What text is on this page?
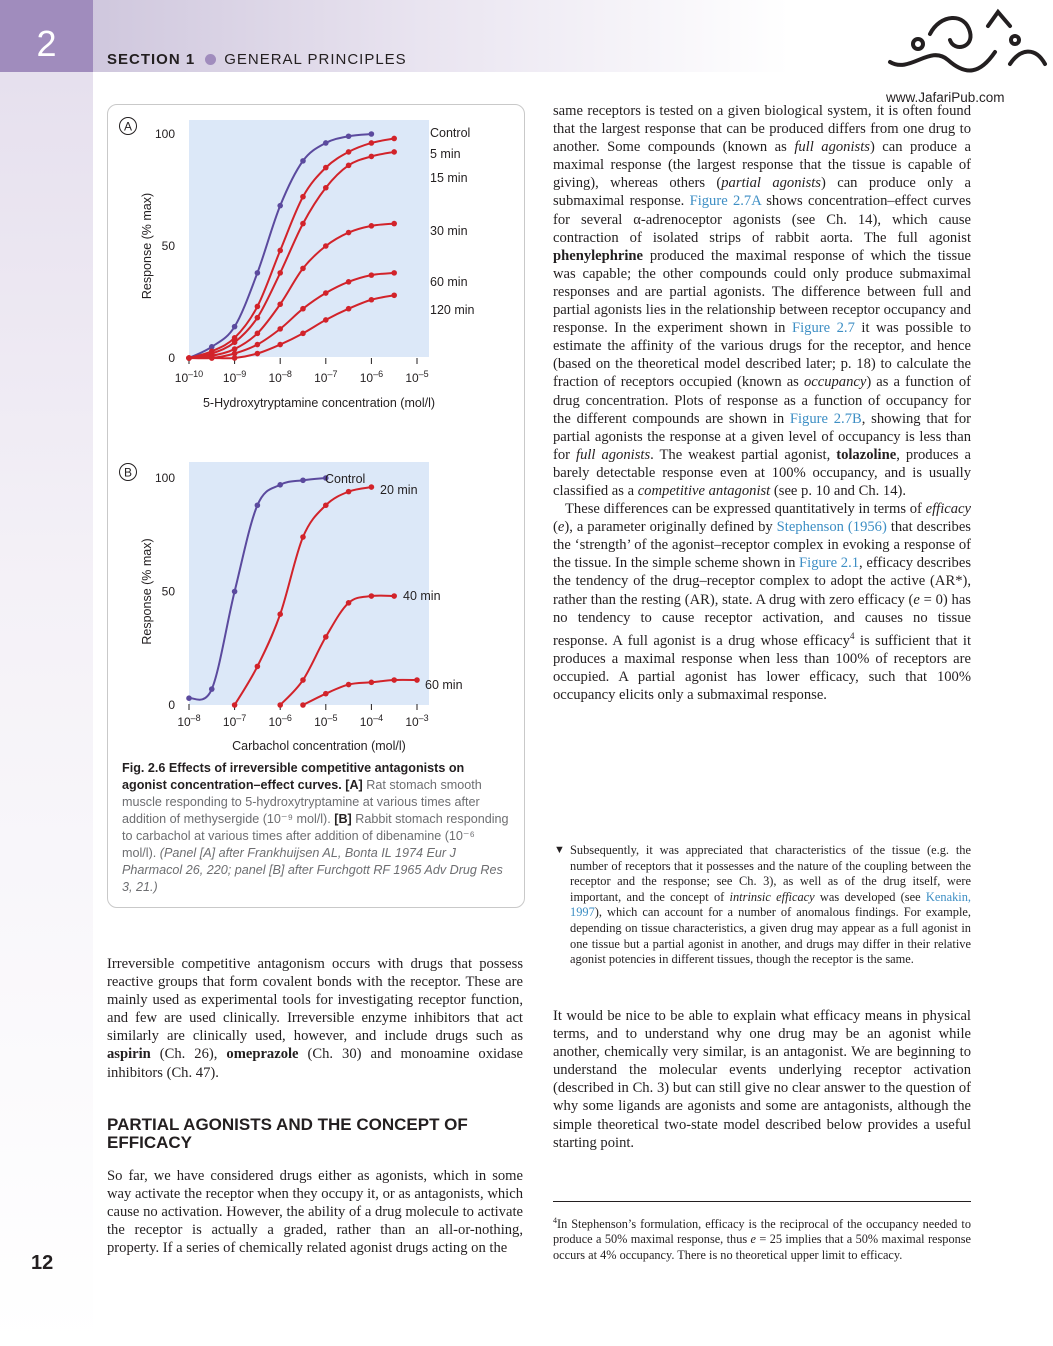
2	SECTION 1 GENERAL PRINCIPLES
www.JafariPub.com
A
$10^{-10}$ $10^{-9}$ $10^{-8}$ $10^{-7}$ $10^{-6}$ $10^{-5}$
0
50
100
5-Hydroxytryptamine concentration (mol/l)
Response (% max)
Control
5 min
15 min
30 min
60 min
120 min
B
$10^{-8}$ $10^{-7}$ $10^{-6}$ $10^{-5}$ $10^{-4}$ $10^{-3}$
0
50
100
Carbachol concentration (mol/l)
Response (% max)
Control
20 min
40 min
60 min
Fig. 2.6 Effects of irreversible competitive antagonists on agonist concentration–effect curves. [A] Rat stomach smooth muscle responding to 5-hydroxytryptamine at various times after addition of methysergide (10⁻⁹ mol/l). [B] Rabbit stomach responding to carbachol at various times after addition of dibenamine (10⁻⁶ mol/l). (Panel [A] after Frankhuijsen AL, Bonta IL 1974 Eur J Pharmacol 26, 220; panel [B] after Furchgott RF 1965 Adv Drug Res 3, 21.)

Irreversible competitive antagonism occurs with drugs that possess reactive groups that form covalent bonds with the receptor. These are mainly used as experimental tools for investigating receptor function, and few are used clinically. Irreversible enzyme inhibitors that act similarly are clinically used, however, and include drugs such as aspirin (Ch. 26), omeprazole (Ch. 30) and monoamine oxidase inhibitors (Ch. 47).

PARTIAL AGONISTS AND THE CONCEPT OF EFFICACY

So far, we have considered drugs either as agonists, which in some way activate the receptor when they occupy it, or as antagonists, which cause no activation. However, the ability of a drug molecule to activate the receptor is actually a graded, rather than an all-or-nothing, property. If a series of chemically related agonist drugs acting on the

same receptors is tested on a given biological system, it is often found that the largest response that can be produced differs from one drug to another. Some compounds (known as full agonists) can produce a maximal response (the largest response that the tissue is capable of giving), whereas others (partial agonists) can produce only a submaximal response. Figure 2.7A shows concentration–effect curves for several α-adrenoceptor agonists (see Ch. 14), which cause contraction of isolated strips of rabbit aorta. The full agonist phenylephrine produced the maximal response of which the tissue was capable; the other compounds could only produce submaximal responses and are partial agonists. The difference between full and partial agonists lies in the relationship between receptor occupancy and response. In the experiment shown in Figure 2.7 it was possible to estimate the affinity of the various drugs for the receptor, and hence (based on the theoretical model described later; p. 18) to calculate the fraction of receptors occupied (known as occupancy) as a function of drug concentration. Plots of response as a function of occupancy for the different compounds are shown in Figure 2.7B, showing that for partial agonists the response at a given level of occupancy is less than for full agonists. The weakest partial agonist, tolazoline, produces a barely detectable response even at 100% occupancy, and is usually classified as a competitive antagonist (see p. 10 and Ch. 14).

These differences can be expressed quantitatively in terms of efficacy (e), a parameter originally defined by Stephenson (1956) that describes the ‘strength’ of the agonist–receptor complex in evoking a response of the tissue. In the simple scheme shown in Figure 2.1, efficacy describes the tendency of the drug–receptor complex to adopt the active (AR*), rather than the resting (AR), state. A drug with zero efficacy (e = 0) has no tendency to cause receptor activation, and causes no tissue response. A full agonist is a drug whose efficacy$^4$ is sufficient that it produces a maximal response when less than 100% of receptors are occupied. A partial agonist has lower efficacy, such that 100% occupancy elicits only a submaximal response.

▼ Subsequently, it was appreciated that characteristics of the tissue (e.g. the number of receptors that it possesses and the nature of the coupling between the receptor and the response; see Ch. 3), as well as of the drug itself, were important, and the concept of intrinsic efficacy was developed (see Kenakin, 1997), which can account for a number of anomalous findings. For example, depending on tissue characteristics, a given drug may appear as a full agonist in one tissue but a partial agonist in another, and drugs may differ in their relative agonist potencies in different tissues, though the receptor is the same.

It would be nice to be able to explain what efficacy means in physical terms, and to understand why one drug may be an agonist while another, chemically very similar, is an antagonist. We are beginning to understand the molecular events underlying receptor activation (described in Ch. 3) but can still give no clear answer to the question of why some ligands are agonists and some are antagonists, although the simple theoretical two-state model described below provides a useful starting point.

$^4$In Stephenson’s formulation, efficacy is the reciprocal of the occupancy needed to produce a 50% maximal response, thus e = 25 implies that a 50% maximal response occurs at 4% occupancy. There is no theoretical upper limit to efficacy.
12
